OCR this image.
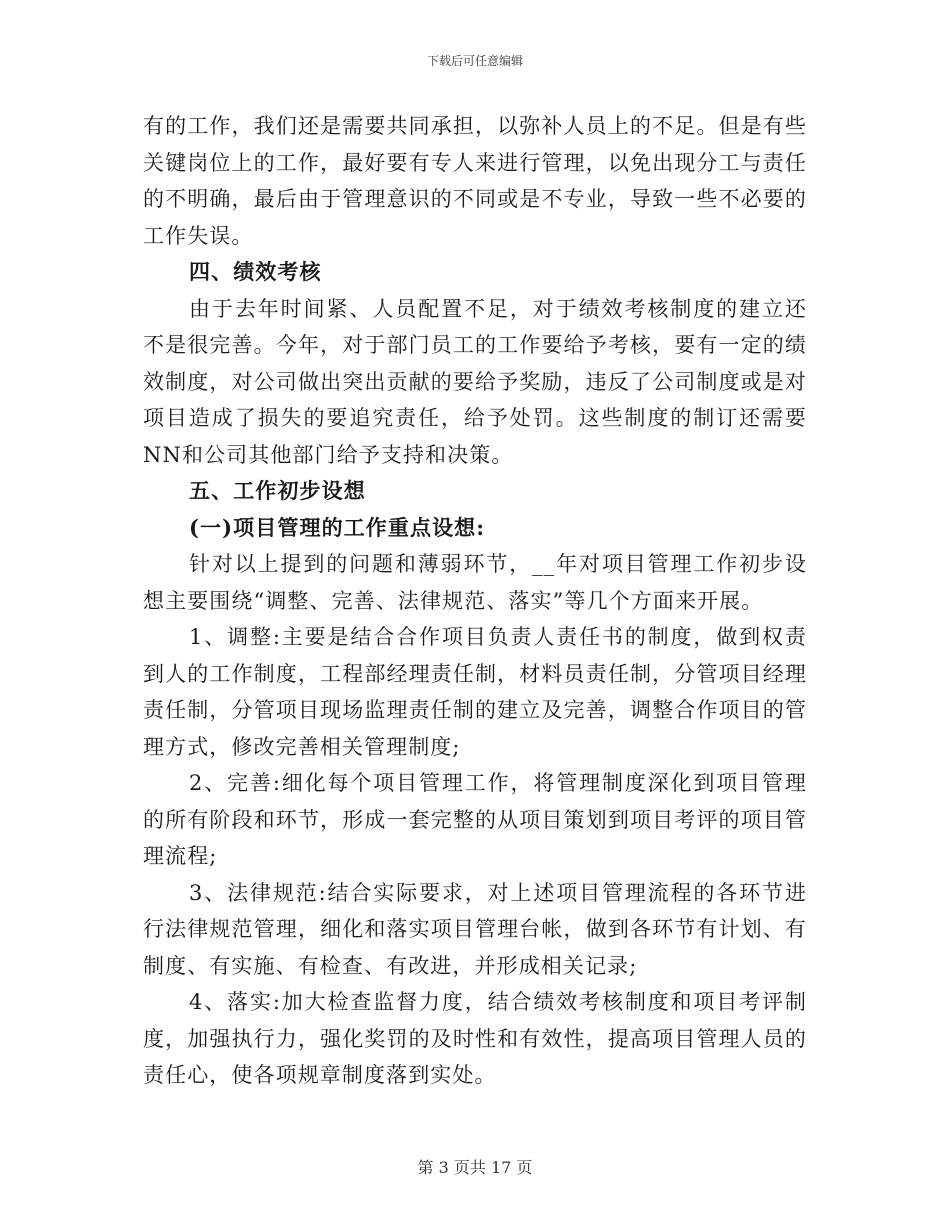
下载后可任意编辑

有的工作，我们还是需要共同承担，以弥补人员上的不足。但是有些关键岗位上的工作，最好要有专人来进行管理，以免出现分工与责任的不明确，最后由于管理意识的不同或是不专业，导致一些不必要的工作失误。

四、绩效考核

由于去年时间紧、人员配置不足，对于绩效考核制度的建立还不是很完善。今年，对于部门员工的工作要给予考核，要有一定的绩效制度，对公司做出突出贡献的要给予奖励，违反了公司制度或是对项目造成了损失的要追究责任，给予处罚。这些制度的制订还需要NN和公司其他部门给予支持和决策。

五、工作初步设想

(一)项目管理的工作重点设想:

针对以上提到的问题和薄弱环节，__年对项目管理工作初步设想主要围绕“调整、完善、法律规范、落实”等几个方面来开展。

1、调整:主要是结合合作项目负责人责任书的制度，做到权责到人的工作制度，工程部经理责任制，材料员责任制，分管项目经理责任制，分管项目现场监理责任制的建立及完善，调整合作项目的管理方式，修改完善相关管理制度;

2、完善:细化每个项目管理工作，将管理制度深化到项目管理的所有阶段和环节，形成一套完整的从项目策划到项目考评的项目管理流程;

3、法律规范:结合实际要求，对上述项目管理流程的各环节进行法律规范管理，细化和落实项目管理台帐，做到各环节有计划、有制度、有实施、有检查、有改进，并形成相关记录;

4、落实:加大检查监督力度，结合绩效考核制度和项目考评制度，加强执行力，强化奖罚的及时性和有效性，提高项目管理人员的责任心，使各项规章制度落到实处。

第 3 页共 17 页
